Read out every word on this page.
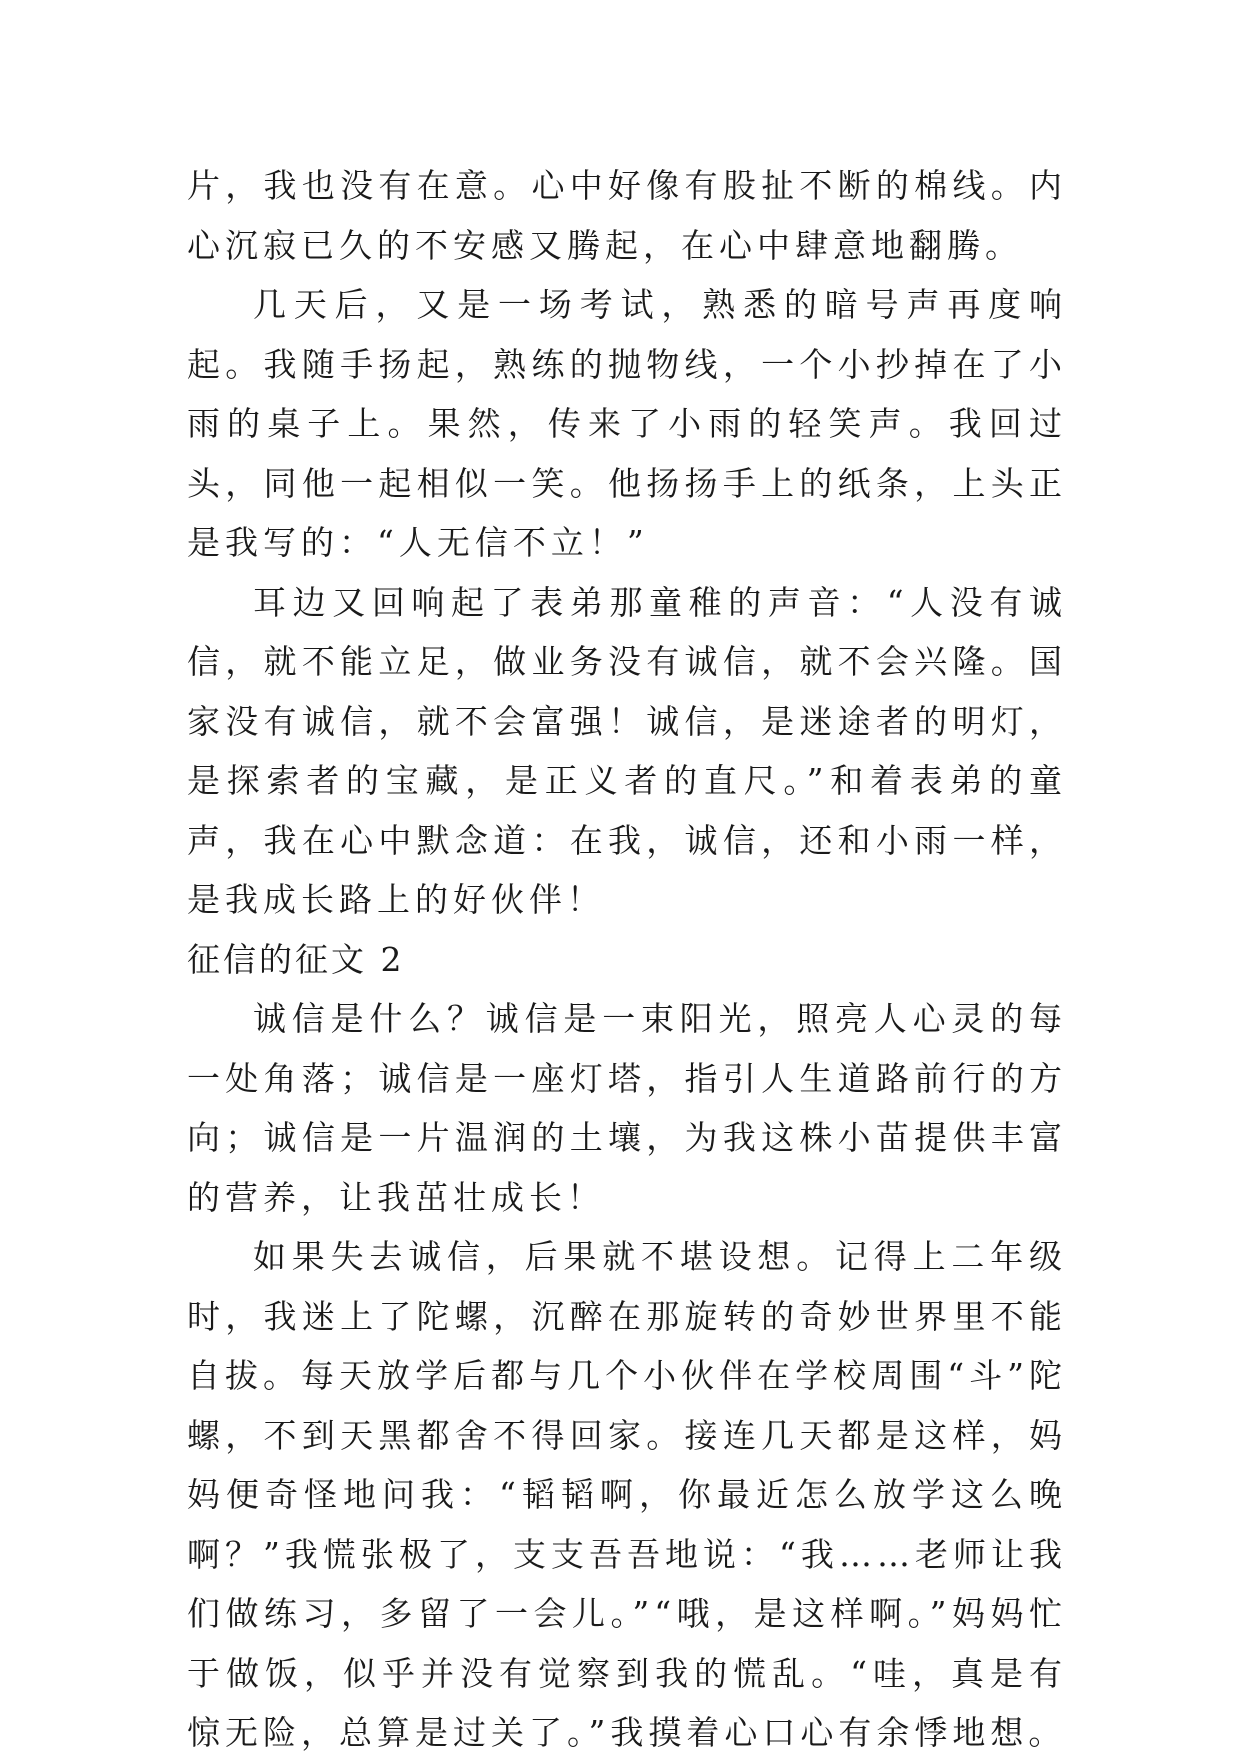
片，我也没有在意。心中好像有股扯不断的棉线。内心沉寂已久的不安感又腾起，在心中肆意地翻腾。

几天后，又是一场考试，熟悉的暗号声再度响起。我随手扬起，熟练的抛物线，一个小抄掉在了小雨的桌子上。果然，传来了小雨的轻笑声。我回过头，同他一起相似一笑。他扬扬手上的纸条，上头正是我写的：“人无信不立！”

耳边又回响起了表弟那童稚的声音：“人没有诚信，就不能立足，做业务没有诚信，就不会兴隆。国家没有诚信，就不会富强！诚信，是迷途者的明灯，是探索者的宝藏，是正义者的直尺。”和着表弟的童声，我在心中默念道：在我，诚信，还和小雨一样，是我成长路上的好伙伴！

征信的征文 2

诚信是什么？诚信是一束阳光，照亮人心灵的每一处角落；诚信是一座灯塔，指引人生道路前行的方向；诚信是一片温润的土壤，为我这株小苗提供丰富的营养，让我茁壮成长！

如果失去诚信，后果就不堪设想。记得上二年级时，我迷上了陀螺，沉醉在那旋转的奇妙世界里不能自拔。每天放学后都与几个小伙伴在学校周围“斗”陀螺，不到天黑都舍不得回家。接连几天都是这样，妈妈便奇怪地问我：“韬韬啊，你最近怎么放学这么晚啊？”我慌张极了，支支吾吾地说：“我……老师让我们做练习，多留了一会儿。”“哦，是这样啊。”妈妈忙于做饭，似乎并没有觉察到我的慌乱。“哇，真是有惊无险，总算是过关了。”我摸着心口心有余悸地想。
